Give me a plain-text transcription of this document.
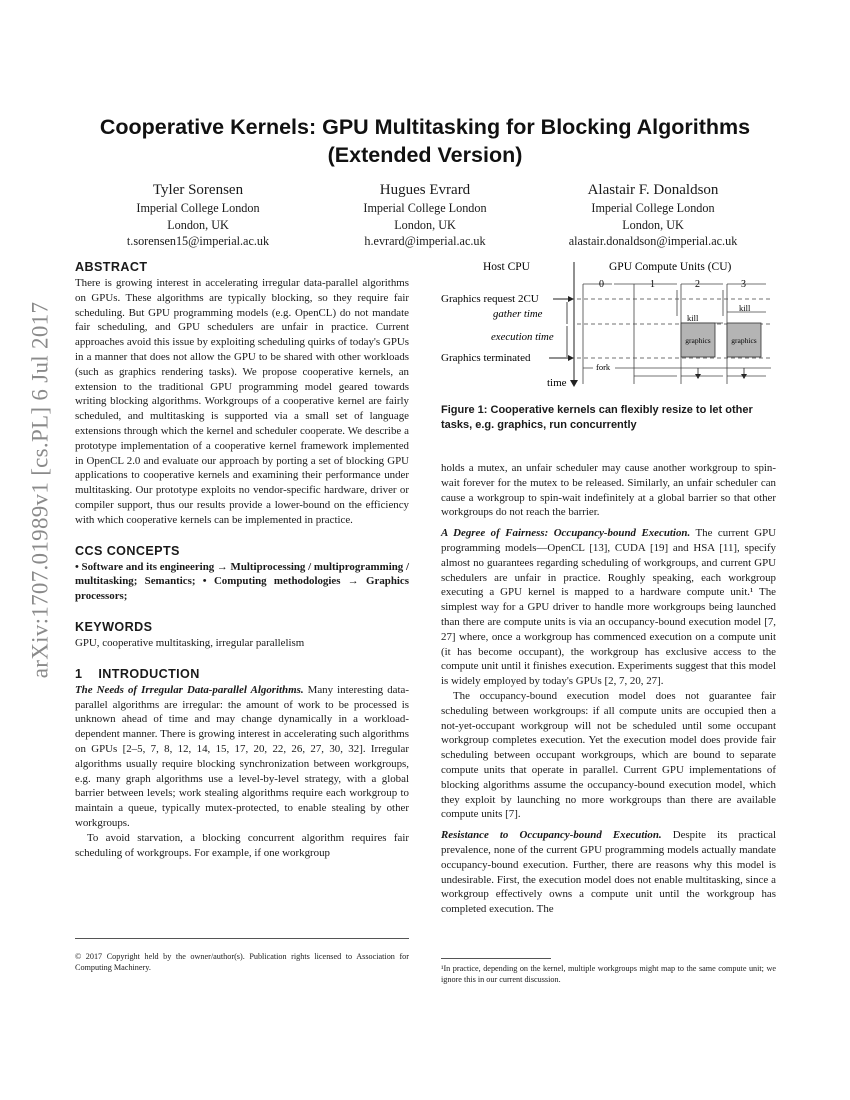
arXiv:1707.01989v1 [cs.PL] 6 Jul 2017
Cooperative Kernels: GPU Multitasking for Blocking Algorithms
(Extended Version)
Tyler Sorensen
Imperial College London
London, UK
t.sorensen15@imperial.ac.uk
Hugues Evrard
Imperial College London
London, UK
h.evrard@imperial.ac.uk
Alastair F. Donaldson
Imperial College London
London, UK
alastair.donaldson@imperial.ac.uk
ABSTRACT

There is growing interest in accelerating irregular data-parallel algorithms on GPUs. These algorithms are typically blocking, so they require fair scheduling. But GPU programming models (e.g. OpenCL) do not mandate fair scheduling, and GPU schedulers are unfair in practice. Current approaches avoid this issue by exploiting scheduling quirks of today's GPUs in a manner that does not allow the GPU to be shared with other workloads (such as graphics rendering tasks). We propose cooperative kernels, an extension to the traditional GPU programming model geared towards writing blocking algorithms. Workgroups of a cooperative kernel are fairly scheduled, and multitasking is supported via a small set of language extensions through which the kernel and scheduler cooperate. We describe a prototype implementation of a cooperative kernel framework implemented in OpenCL 2.0 and evaluate our approach by porting a set of blocking GPU applications to cooperative kernels and examining their performance under multitasking. Our prototype exploits no vendor-specific hardware, driver or compiler support, thus our results provide a lower-bound on the efficiency with which cooperative kernels can be implemented in practice.

CCS CONCEPTS

• Software and its engineering → Multiprocessing / multiprogramming / multitasking; Semantics; • Computing methodologies → Graphics processors;

KEYWORDS

GPU, cooperative multitasking, irregular parallelism

1 INTRODUCTION

The Needs of Irregular Data-parallel Algorithms. Many interesting data-parallel algorithms are irregular: the amount of work to be processed is unknown ahead of time and may change dynamically in a workload-dependent manner. There is growing interest in accelerating such algorithms on GPUs [2–5, 7, 8, 12, 14, 15, 17, 20, 22, 26, 27, 30, 32]. Irregular algorithms usually require blocking synchronization between workgroups, e.g. many graph algorithms use a level-by-level strategy, with a global barrier between levels; work stealing algorithms require each workgroup to maintain a queue, typically mutex-protected, to enable stealing by other workgroups.

To avoid starvation, a blocking concurrent algorithm requires fair scheduling of workgroups. For example, if one workgroup

© 2017 Copyright held by the owner/author(s). Publication rights licensed to Association for Computing Machinery.
Host CPU	GPU Compute Units (CU)
time
0	1	2	3
Graphics request 2CU
gather time	kill
kill
execution time	graphics	graphics
Graphics terminated
fork
Figure 1: Cooperative kernels can flexibly resize to let other tasks, e.g. graphics, run concurrently

holds a mutex, an unfair scheduler may cause another workgroup to spin-wait forever for the mutex to be released. Similarly, an unfair scheduler can cause a workgroup to spin-wait indefinitely at a global barrier so that other workgroups do not reach the barrier.

A Degree of Fairness: Occupancy-bound Execution. The current GPU programming models—OpenCL [13], CUDA [19] and HSA [11], specify almost no guarantees regarding scheduling of workgroups, and current GPU schedulers are unfair in practice. Roughly speaking, each workgroup executing a GPU kernel is mapped to a hardware compute unit.¹ The simplest way for a GPU driver to handle more workgroups being launched than there are compute units is via an occupancy-bound execution model [7, 27] where, once a workgroup has commenced execution on a compute unit (it has become occupant), the workgroup has exclusive access to the compute unit until it finishes execution. Experiments suggest that this model is widely employed by today's GPUs [2, 7, 20, 27].

The occupancy-bound execution model does not guarantee fair scheduling between workgroups: if all compute units are occupied then a not-yet-occupant workgroup will not be scheduled until some occupant workgroup completes execution. Yet the execution model does provide fair scheduling between occupant workgroups, which are bound to separate compute units that operate in parallel. Current GPU implementations of blocking algorithms assume the occupancy-bound execution model, which they exploit by launching no more workgroups than there are available compute units [7].

Resistance to Occupancy-bound Execution. Despite its practical prevalence, none of the current GPU programming models actually mandate occupancy-bound execution. Further, there are reasons why this model is undesirable. First, the execution model does not enable multitasking, since a workgroup effectively owns a compute unit until the workgroup has completed execution. The

¹In practice, depending on the kernel, multiple workgroups might map to the same compute unit; we ignore this in our current discussion.
